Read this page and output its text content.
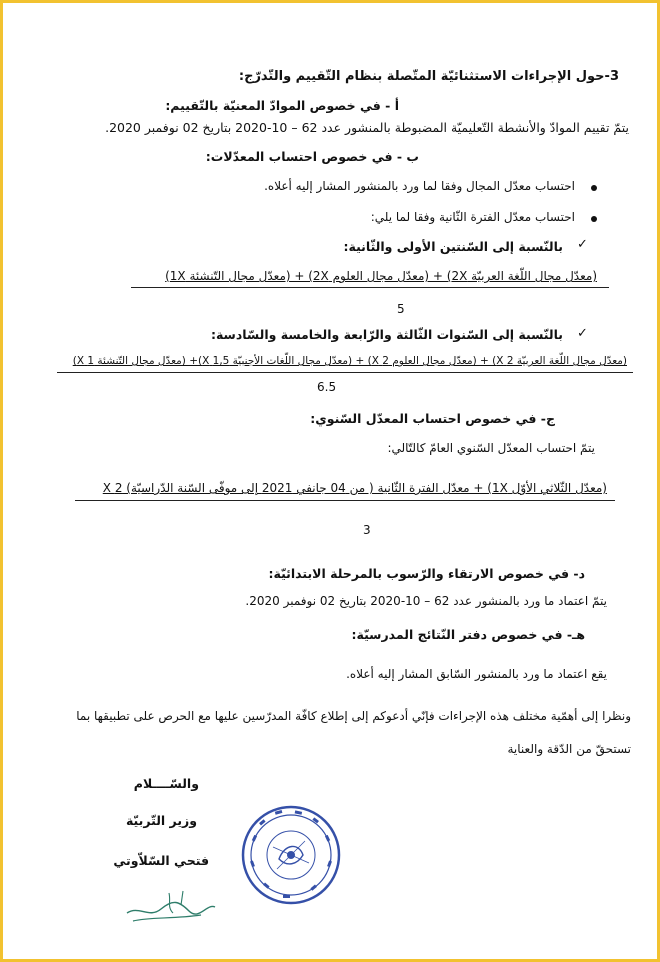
3-حول الإجراءات الاستثنائيّة المتّصلة بنظام التّقييم والتّدرّج:
أ - في خصوص الموادّ المعنيّة بالتّقييم:
يتمّ تقييم الموادّ والأنشطة التّعليميّة المضبوطة بالمنشور عدد 62 – 10-2020 بتاريخ 02 نوفمبر 2020.
ب - في خصوص احتساب المعدّلات:
احتساب معدّل المجال وفقا لما ورد بالمنشور المشار إليه أعلاه.
احتساب معدّل الفترة الثّانية وفقا لما يلي:
✓
بالنّسبة إلى السّنتين الأولى والثّانية:
(معدّل مجال اللّغة العربيّة 2X) + (معدّل مجال العلوم 2X) + (معدّل مجال التّنشئة 1X)
5
✓
بالنّسبة إلى السّنوات الثّالثة والرّابعة والخامسة والسّادسة:
(معدّل مجال اللّغة العربيّة 2 X) + (معدّل مجال العلوم 2 X) + (معدّل مجال اللّغات الأجنبيّة 1,5 X)+ (معدّل مجال التّنشئة 1 X)
6.5
ج- في خصوص احتساب المعدّل السّنوي:
يتمّ احتساب المعدّل السّنوي العامّ كالتّالي:
(معدّل الثّلاثي الأوّل 1X) + معدّل الفترة الثّانية ( من 04 جانفي 2021 إلى موفّى السّنة الدّراسيّة) 2 X
3
د- في خصوص الارتقاء والرّسوب بالمرحلة الابتدائيّة:
يتمّ اعتماد ما ورد بالمنشور عدد 62 – 10-2020 بتاريخ 02 نوفمبر 2020.
هـ- في خصوص دفتر النّتائج المدرسيّة:
يقع اعتماد ما ورد بالمنشور السّابق المشار إليه أعلاه.
ونظرا إلى أهمّية مختلف هذه الإجراءات فإنّي أدعوكم إلى إطلاع كافّة المدرّسين عليها مع الحرص على تطبيقها بما
تستحقّ من الدّقة والعناية
والسّــــلام
وزير التّربيّة
فتحي السّلاّوتي
